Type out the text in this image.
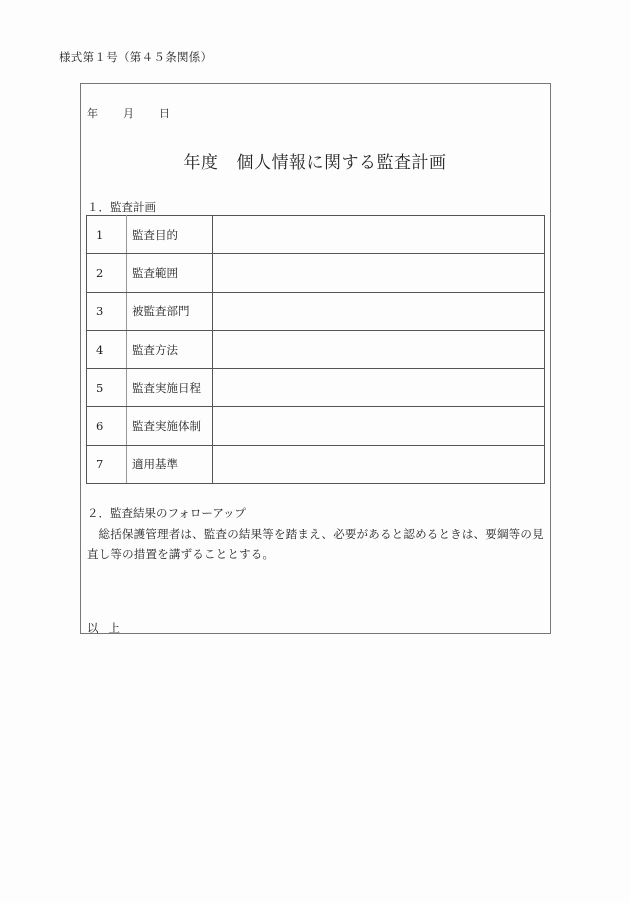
様式第１号（第４５条関係）
年 月 日
年度 個人情報に関する監査計画
１．監査計画
1	監査目的	
2	監査範囲	
3	被監査部門	
4	監査方法	
5	監査実施日程	
6	監査実施体制	
7	適用基準	
２．監査結果のフォローアップ
総括保護管理者は、監査の結果等を踏まえ、必要があると認めるときは、要綱等の見直し等の措置を講ずることとする。
以上
